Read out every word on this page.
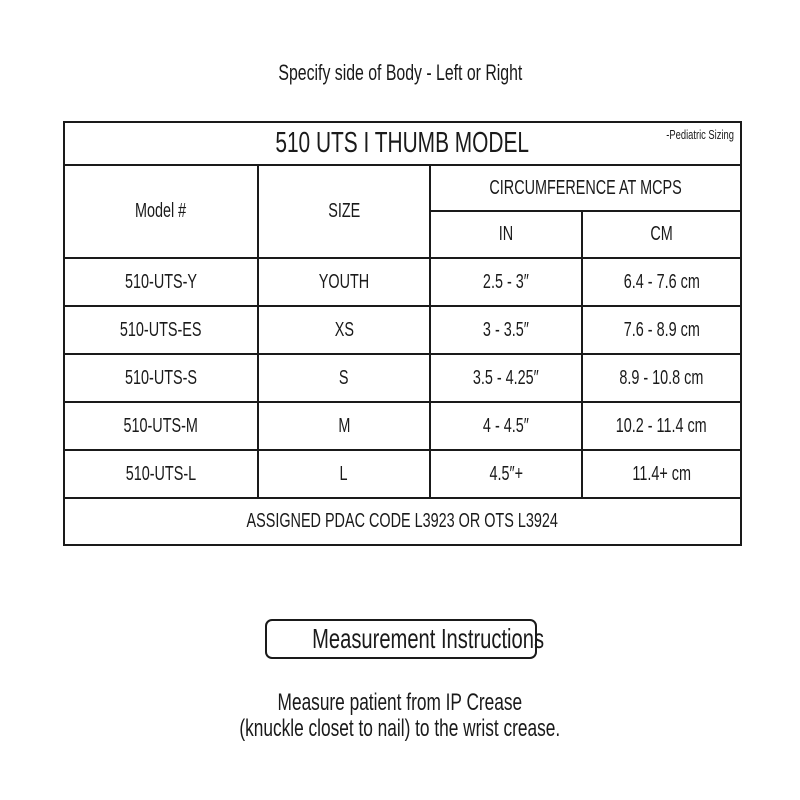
Specify side of Body - Left or Right
510 UTS I THUMB MODEL -Pediatric Sizing			

Model #	SIZE	CIRCUMFERENCE AT MCPS	
		IN	CM
510-UTS-Y	YOUTH	2.5 - 3″	6.4 - 7.6 cm
510-UTS-ES	XS	3 - 3.5″	7.6 - 8.9 cm
510-UTS-S	S	3.5 - 4.25″	8.9 - 10.8 cm
510-UTS-M	M	4 - 4.5″	10.2 - 11.4 cm
510-UTS-L	L	4.5″+	11.4+ cm
ASSIGNED PDAC CODE L3923 OR OTS L3924			
Measurement Instructions
Measure patient from IP Crease
(knuckle closet to nail) to the wrist crease.
